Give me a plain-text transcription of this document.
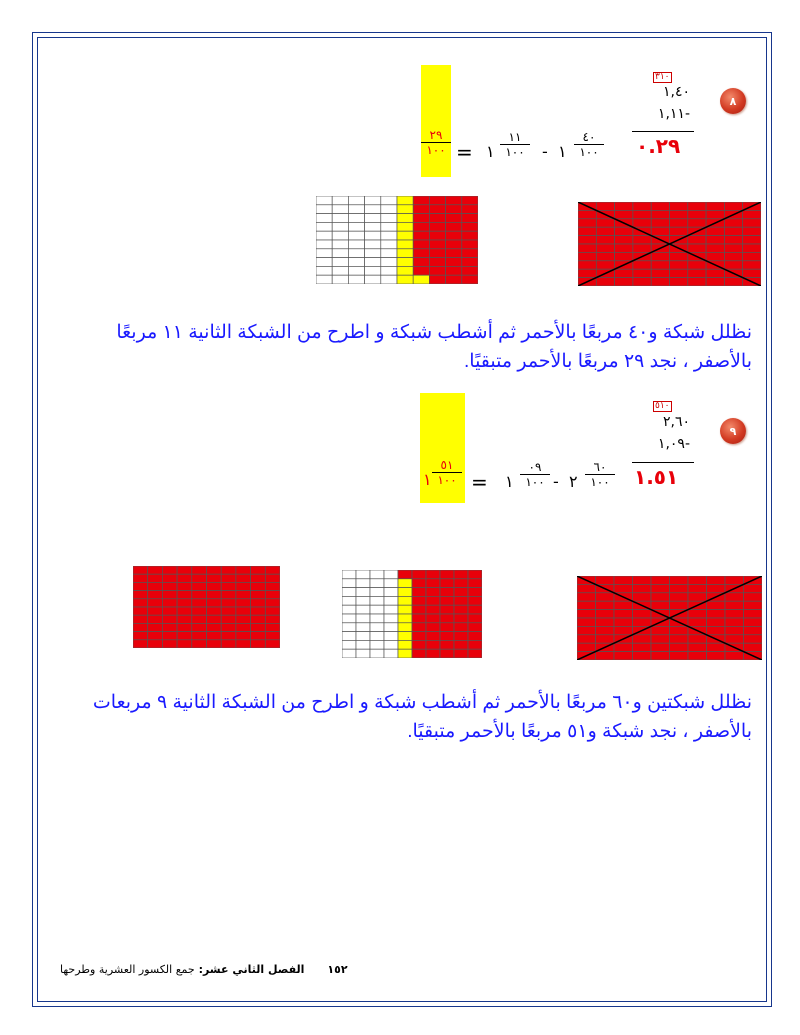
٨
٣١٠
١,٤٠
١,١١-
٠.٢٩
٢٩
١٠٠ =
١١
١٠٠
١	-
٤٠
١٠٠
١
نظلل شبكة و٤٠ مربعًا بالأحمر ثم أشطب شبكة و اطرح من الشبكة الثانية ١١ مربعًا بالأصفر ، نجد ٢٩ مربعًا بالأحمر متبقيًا.
٩
٥١٠
٢,٦٠
١,٠٩-
١.٥١
٥١
١٠٠
١ =
٠٩
١٠٠
١ -
٦٠
١٠٠
٢
نظلل شبكتين و٦٠ مربعًا بالأحمر ثم أشطب شبكة و اطرح من الشبكة الثانية ٩ مربعات بالأصفر ، نجد شبكة و٥١ مربعًا بالأحمر متبقيًا.
١٥٢      الفصل الثاني عشر: جمع الكسور العشرية وطرحها
